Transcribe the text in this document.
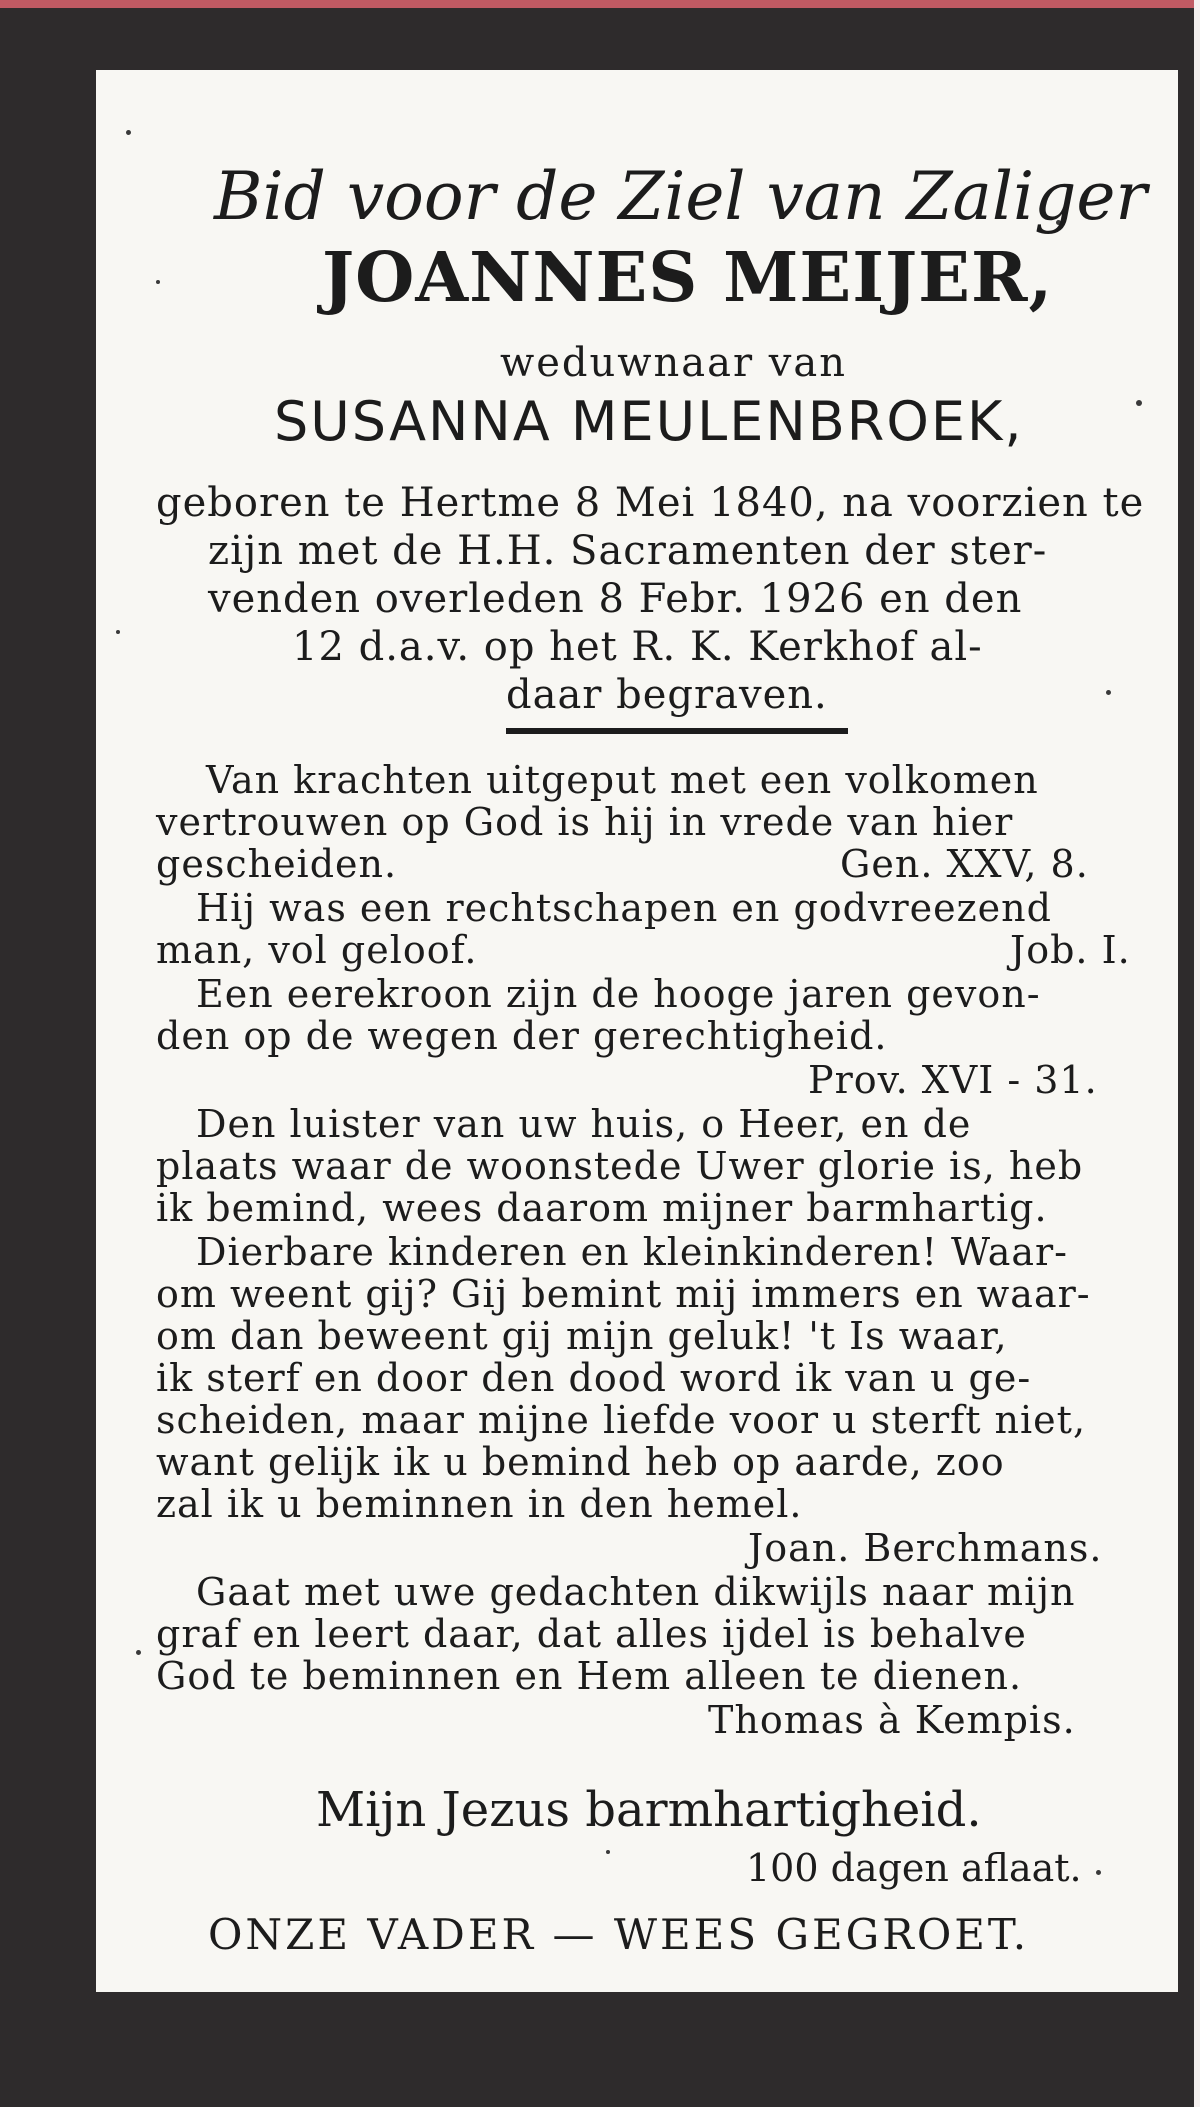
Bid voor de Ziel van Zaliger
JOANNES MEIJER,
weduwnaar van
SUSANNA MEULENBROEK,
geboren te Hertme 8 Mei 1840, na voorzien te
zijn met de H.H. Sacramenten der ster-
venden overleden 8 Febr. 1926 en den
12 d.a.v. op het R. K. Kerkhof al-
daar begraven.
Van krachten uitgeput met een volkomen
vertrouwen op God is hij in vrede van hier
gescheiden.	Gen. XXV, 8.
Hij was een rechtschapen en godvreezend
man, vol geloof.	Job. I.
Een eerekroon zijn de hooge jaren gevon-
den op de wegen der gerechtigheid.
Prov. XVI - 31.
Den luister van uw huis, o Heer, en de
plaats waar de woonstede Uwer glorie is, heb
ik bemind, wees daarom mijner barmhartig.
Dierbare kinderen en kleinkinderen! Waar-
om weent gij? Gij bemint mij immers en waar-
om dan beweent gij mijn geluk! 't Is waar,
ik sterf en door den dood word ik van u ge-
scheiden, maar mijne liefde voor u sterft niet,
want gelijk ik u bemind heb op aarde, zoo
zal ik u beminnen in den hemel.
Joan. Berchmans.
Gaat met uwe gedachten dikwijls naar mijn
graf en leert daar, dat alles ijdel is behalve
God te beminnen en Hem alleen te dienen.
Thomas à Kempis.
Mijn Jezus barmhartigheid.
100 dagen aflaat.
ONZE VADER — WEES GEGROET.
